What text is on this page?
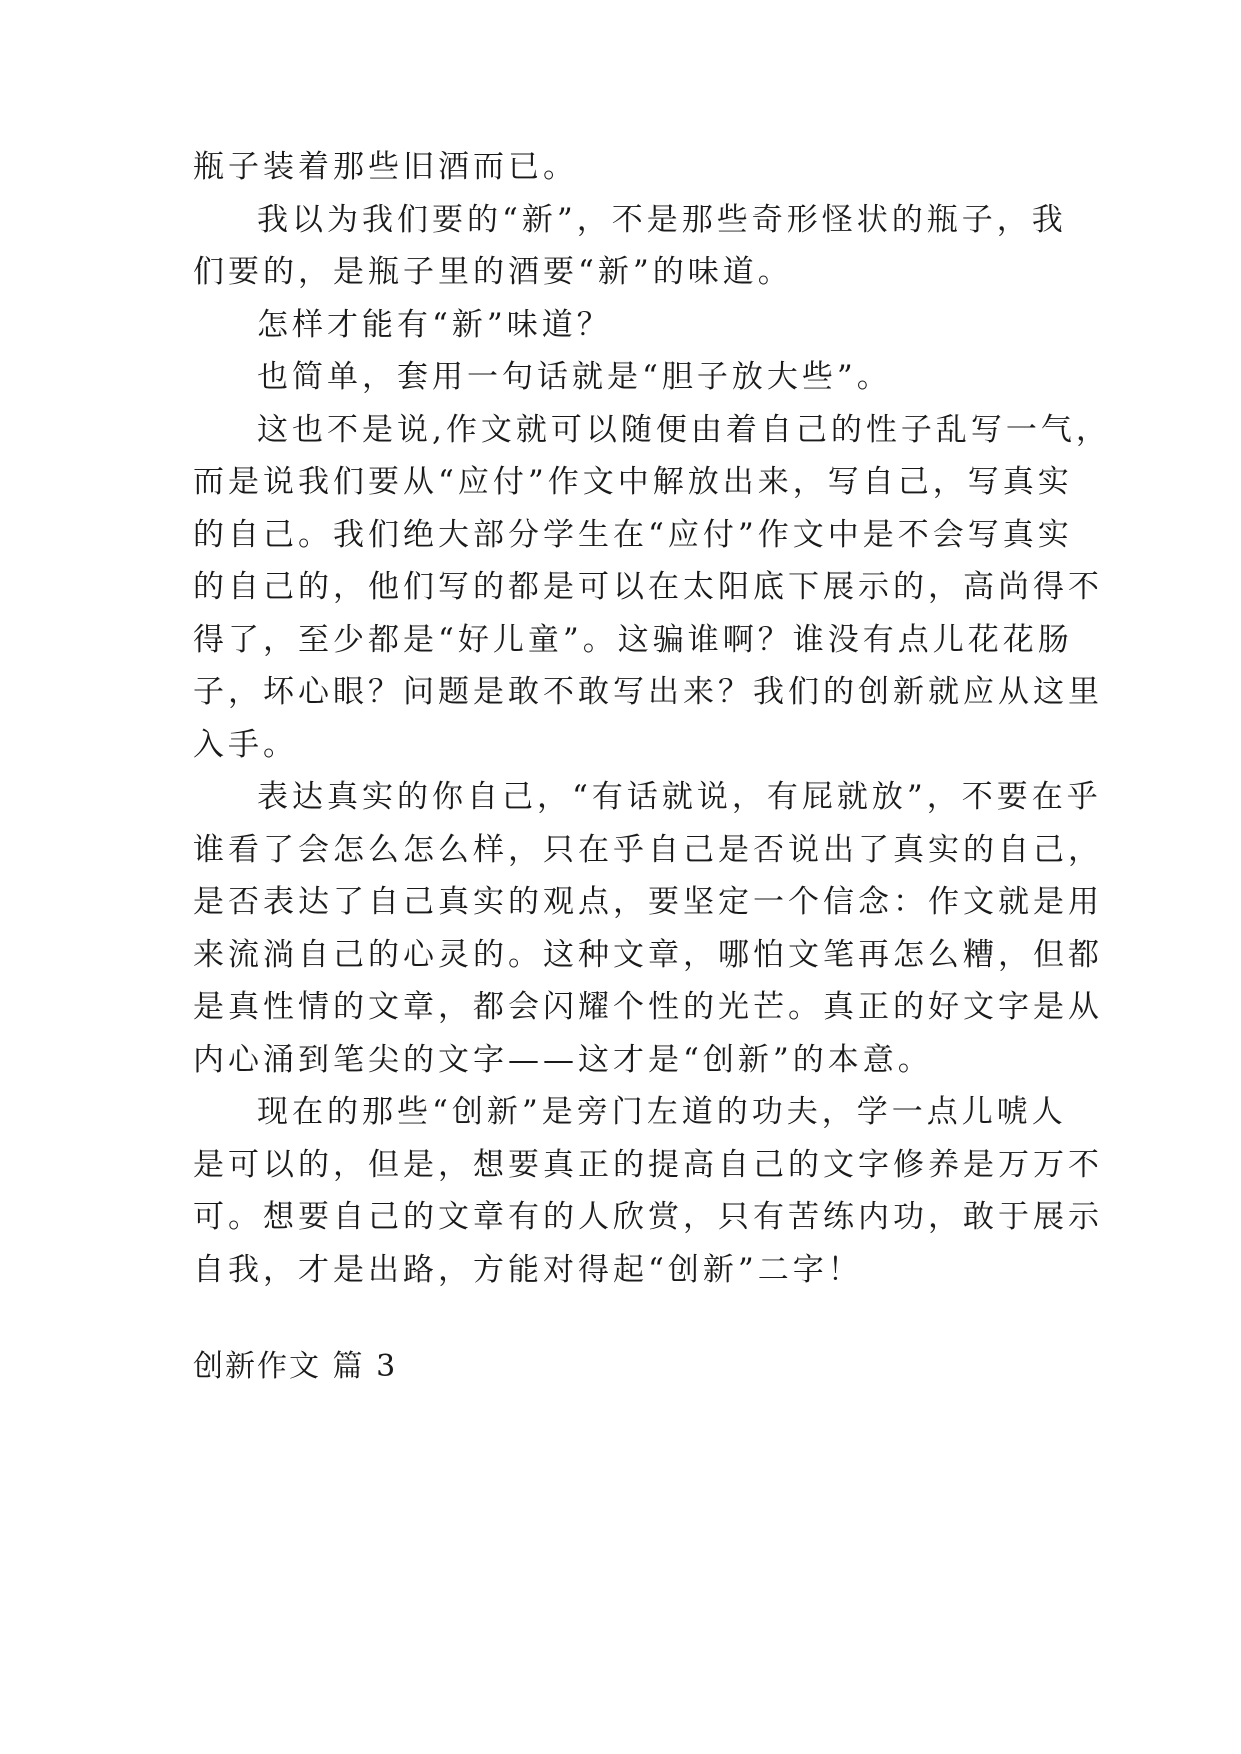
瓶子装着那些旧酒而已。
我以为我们要的“新”，不是那些奇形怪状的瓶子，我
们要的，是瓶子里的酒要“新”的味道。
怎样才能有“新”味道？
也简单，套用一句话就是“胆子放大些”。
这也不是说,作文就可以随便由着自己的性子乱写一气，
而是说我们要从“应付”作文中解放出来，写自己，写真实
的自己。我们绝大部分学生在“应付”作文中是不会写真实
的自己的，他们写的都是可以在太阳底下展示的，高尚得不
得了，至少都是“好儿童”。这骗谁啊？谁没有点儿花花肠
子，坏心眼？问题是敢不敢写出来？我们的创新就应从这里
入手。
表达真实的你自己，“有话就说，有屁就放”，不要在乎
谁看了会怎么怎么样，只在乎自己是否说出了真实的自己，
是否表达了自己真实的观点，要坚定一个信念：作文就是用
来流淌自己的心灵的。这种文章，哪怕文笔再怎么糟，但都
是真性情的文章，都会闪耀个性的光芒。真正的好文字是从
内心涌到笔尖的文字——这才是“创新”的本意。
现在的那些“创新”是旁门左道的功夫，学一点儿唬人
是可以的，但是，想要真正的提高自己的文字修养是万万不
可。想要自己的文章有的人欣赏，只有苦练内功，敢于展示
自我，才是出路，方能对得起“创新”二字！
创新作文 篇 3
